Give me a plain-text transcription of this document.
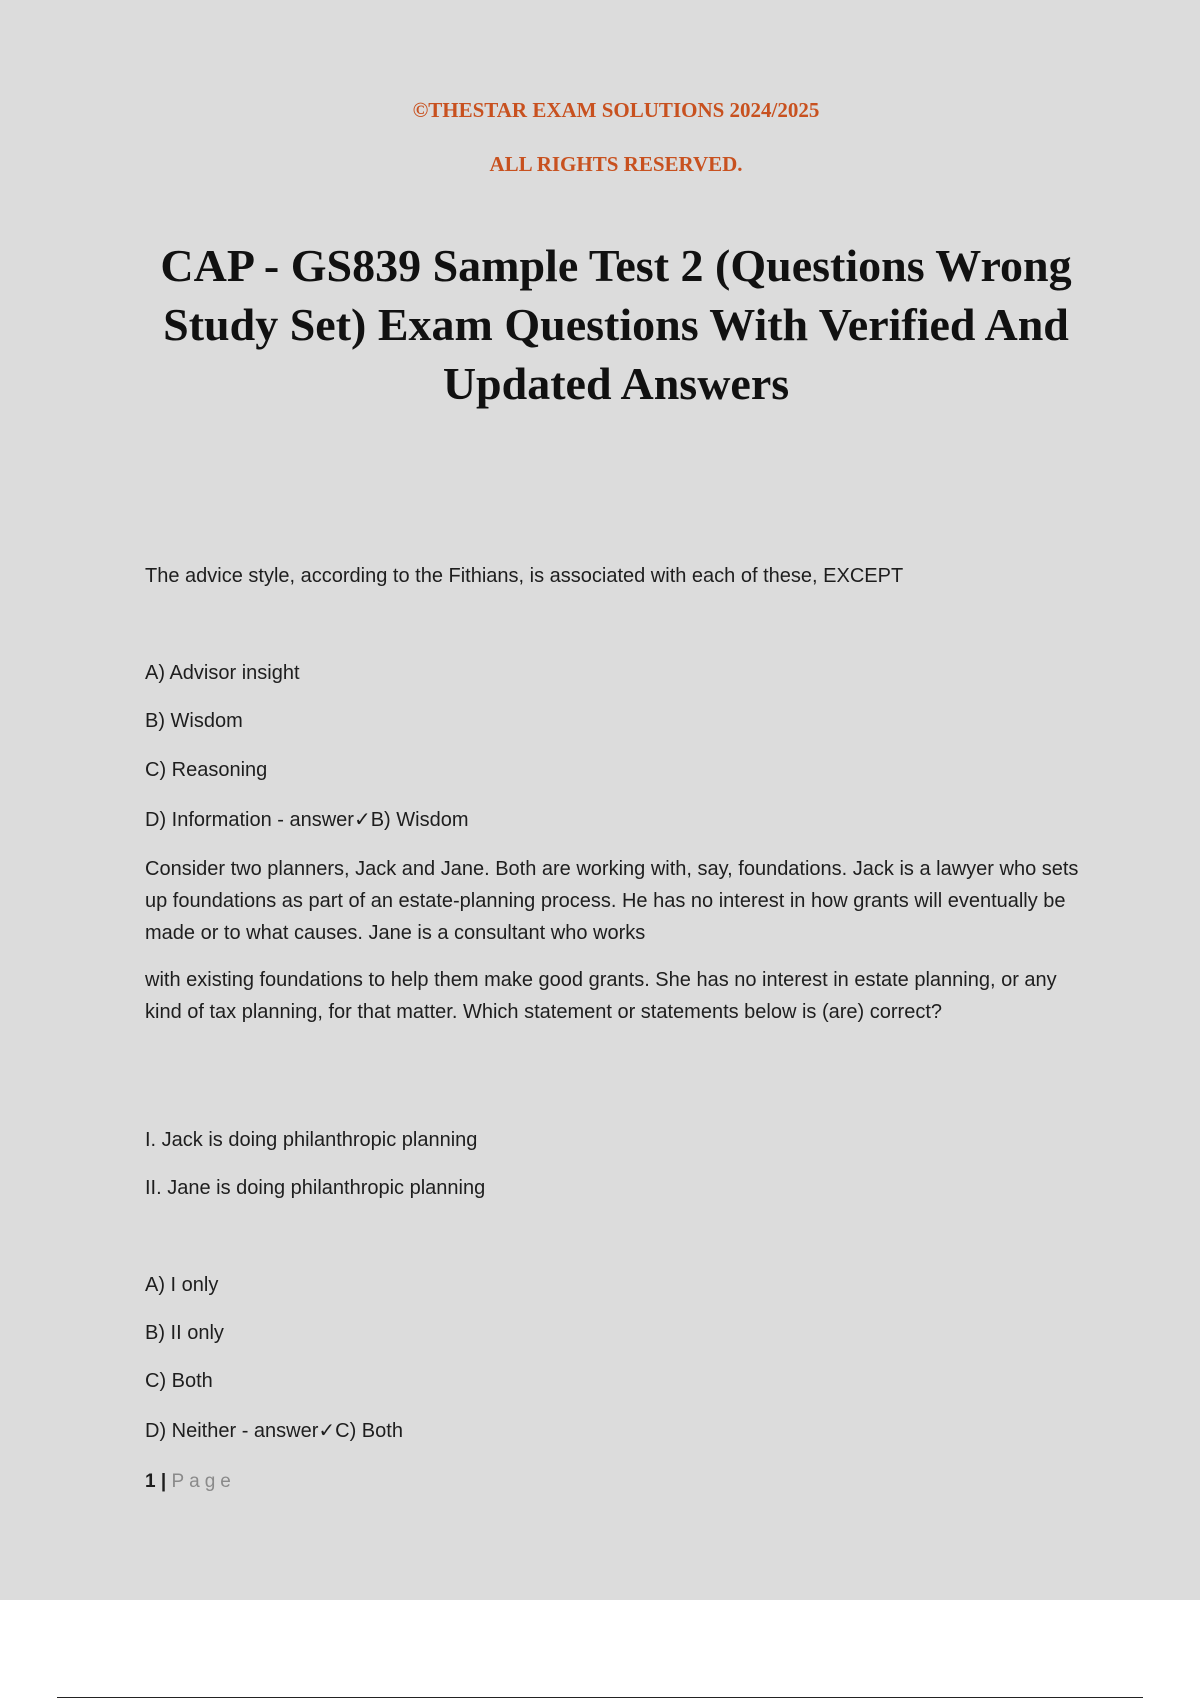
©THESTAR EXAM SOLUTIONS 2024/2025
ALL RIGHTS RESERVED.
CAP - GS839 Sample Test 2 (Questions Wrong Study Set) Exam Questions With Verified And Updated Answers
The advice style, according to the Fithians, is associated with each of these, EXCEPT
A) Advisor insight
B) Wisdom
C) Reasoning
D) Information - answer✓B) Wisdom
Consider two planners, Jack and Jane. Both are working with, say, foundations. Jack is a lawyer who sets up foundations as part of an estate-planning process. He has no interest in how grants will eventually be made or to what causes. Jane is a consultant who works
with existing foundations to help them make good grants. She has no interest in estate planning, or any kind of tax planning, for that matter. Which statement or statements below is (are) correct?
I. Jack is doing philanthropic planning
II. Jane is doing philanthropic planning
A) I only
B) II only
C) Both
D) Neither - answer✓C) Both
1 | Page
